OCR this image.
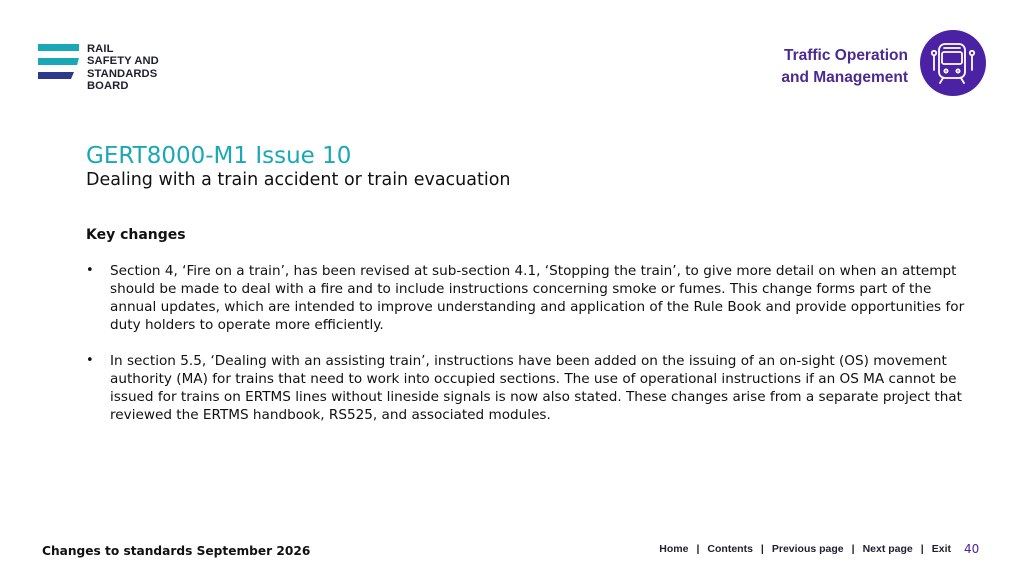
RAIL
SAFETY AND
STANDARDS
BOARD
Traffic Operation
and Management
GERT8000-M1 Issue 10
Dealing with a train accident or train evacuation
Key changes
• Section 4, ‘Fire on a train’, has been revised at sub-section 4.1, ‘Stopping the train’, to give more detail on when an attempt should be made to deal with a fire and to include instructions concerning smoke or fumes. This change forms part of the annual updates, which are intended to improve understanding and application of the Rule Book and provide opportunities for duty holders to operate more efficiently.
• In section 5.5, ‘Dealing with an assisting train’, instructions have been added on the issuing of an on-sight (OS) movement authority (MA) for trains that need to work into occupied sections. The use of operational instructions if an OS MA cannot be issued for trains on ERTMS lines without lineside signals is now also stated. These changes arise from a separate project that reviewed the ERTMS handbook, RS525, and associated modules.
Changes to standards September 2026	Home | Contents | Previous page | Next page | Exit 40
